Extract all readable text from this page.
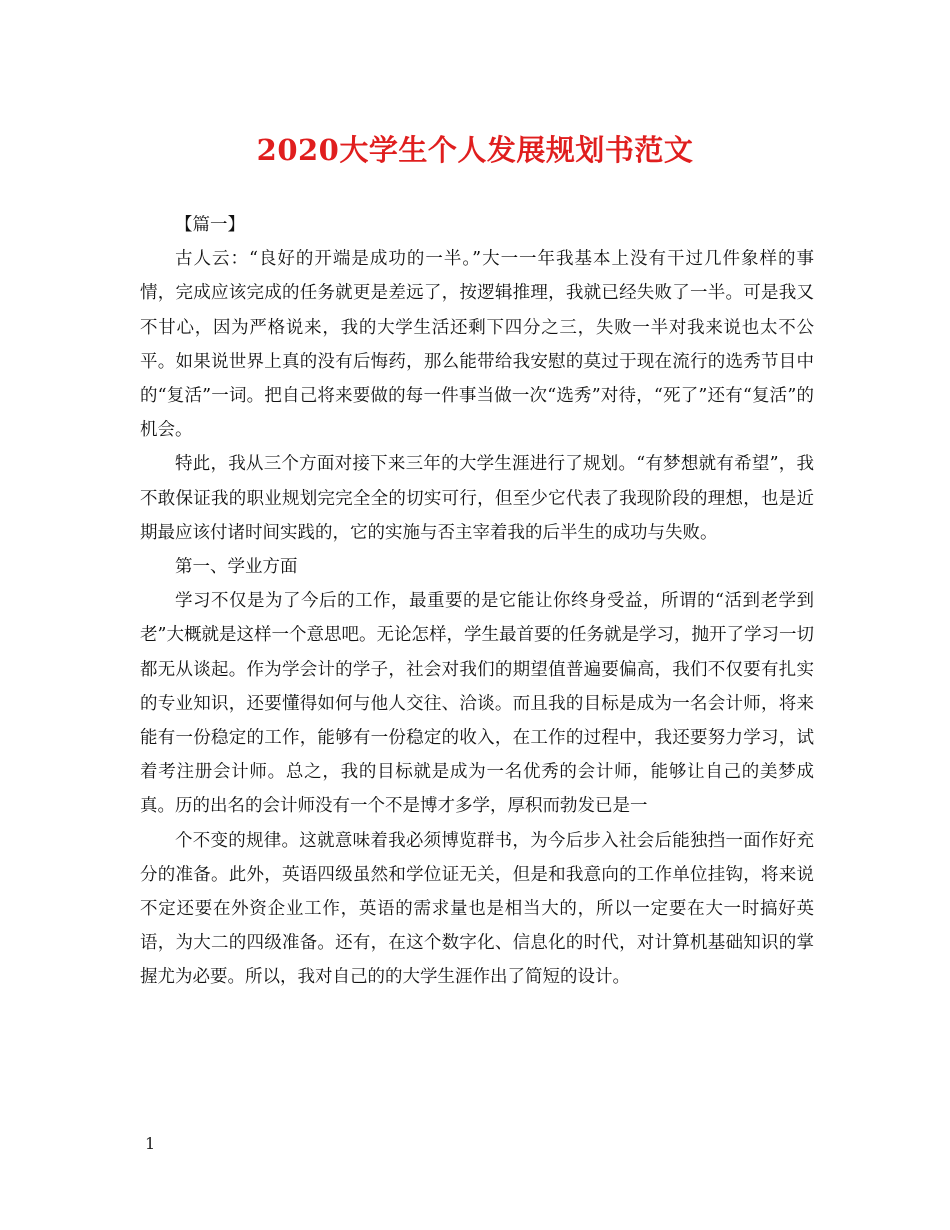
2020大学生个人发展规划书范文

【篇一】

古人云：“良好的开端是成功的一半。”大一一年我基本上没有干过几件象样的事情，完成应该完成的任务就更是差远了，按逻辑推理，我就已经失败了一半。可是我又不甘心，因为严格说来，我的大学生活还剩下四分之三，失败一半对我来说也太不公平。如果说世界上真的没有后悔药，那么能带给我安慰的莫过于现在流行的选秀节目中的“复活”一词。把自己将来要做的每一件事当做一次“选秀”对待，“死了”还有“复活”的机会。

特此，我从三个方面对接下来三年的大学生涯进行了规划。“有梦想就有希望”，我不敢保证我的职业规划完完全全的切实可行，但至少它代表了我现阶段的理想，也是近期最应该付诸时间实践的，它的实施与否主宰着我的后半生的成功与失败。

第一、学业方面

学习不仅是为了今后的工作，最重要的是它能让你终身受益，所谓的“活到老学到老”大概就是这样一个意思吧。无论怎样，学生最首要的任务就是学习，抛开了学习一切都无从谈起。作为学会计的学子，社会对我们的期望值普遍要偏高，我们不仅要有扎实的专业知识，还要懂得如何与他人交往、洽谈。而且我的目标是成为一名会计师，将来能有一份稳定的工作，能够有一份稳定的收入，在工作的过程中，我还要努力学习，试着考注册会计师。总之，我的目标就是成为一名优秀的会计师，能够让自己的美梦成真。历的出名的会计师没有一个不是博才多学，厚积而勃发已是一

个不变的规律。这就意味着我必须博览群书，为今后步入社会后能独挡一面作好充分的准备。此外，英语四级虽然和学位证无关，但是和我意向的工作单位挂钩，将来说不定还要在外资企业工作，英语的需求量也是相当大的，所以一定要在大一时搞好英语，为大二的四级准备。还有，在这个数字化、信息化的时代，对计算机基础知识的掌握尤为必要。所以，我对自己的的大学生涯作出了简短的设计。

1
